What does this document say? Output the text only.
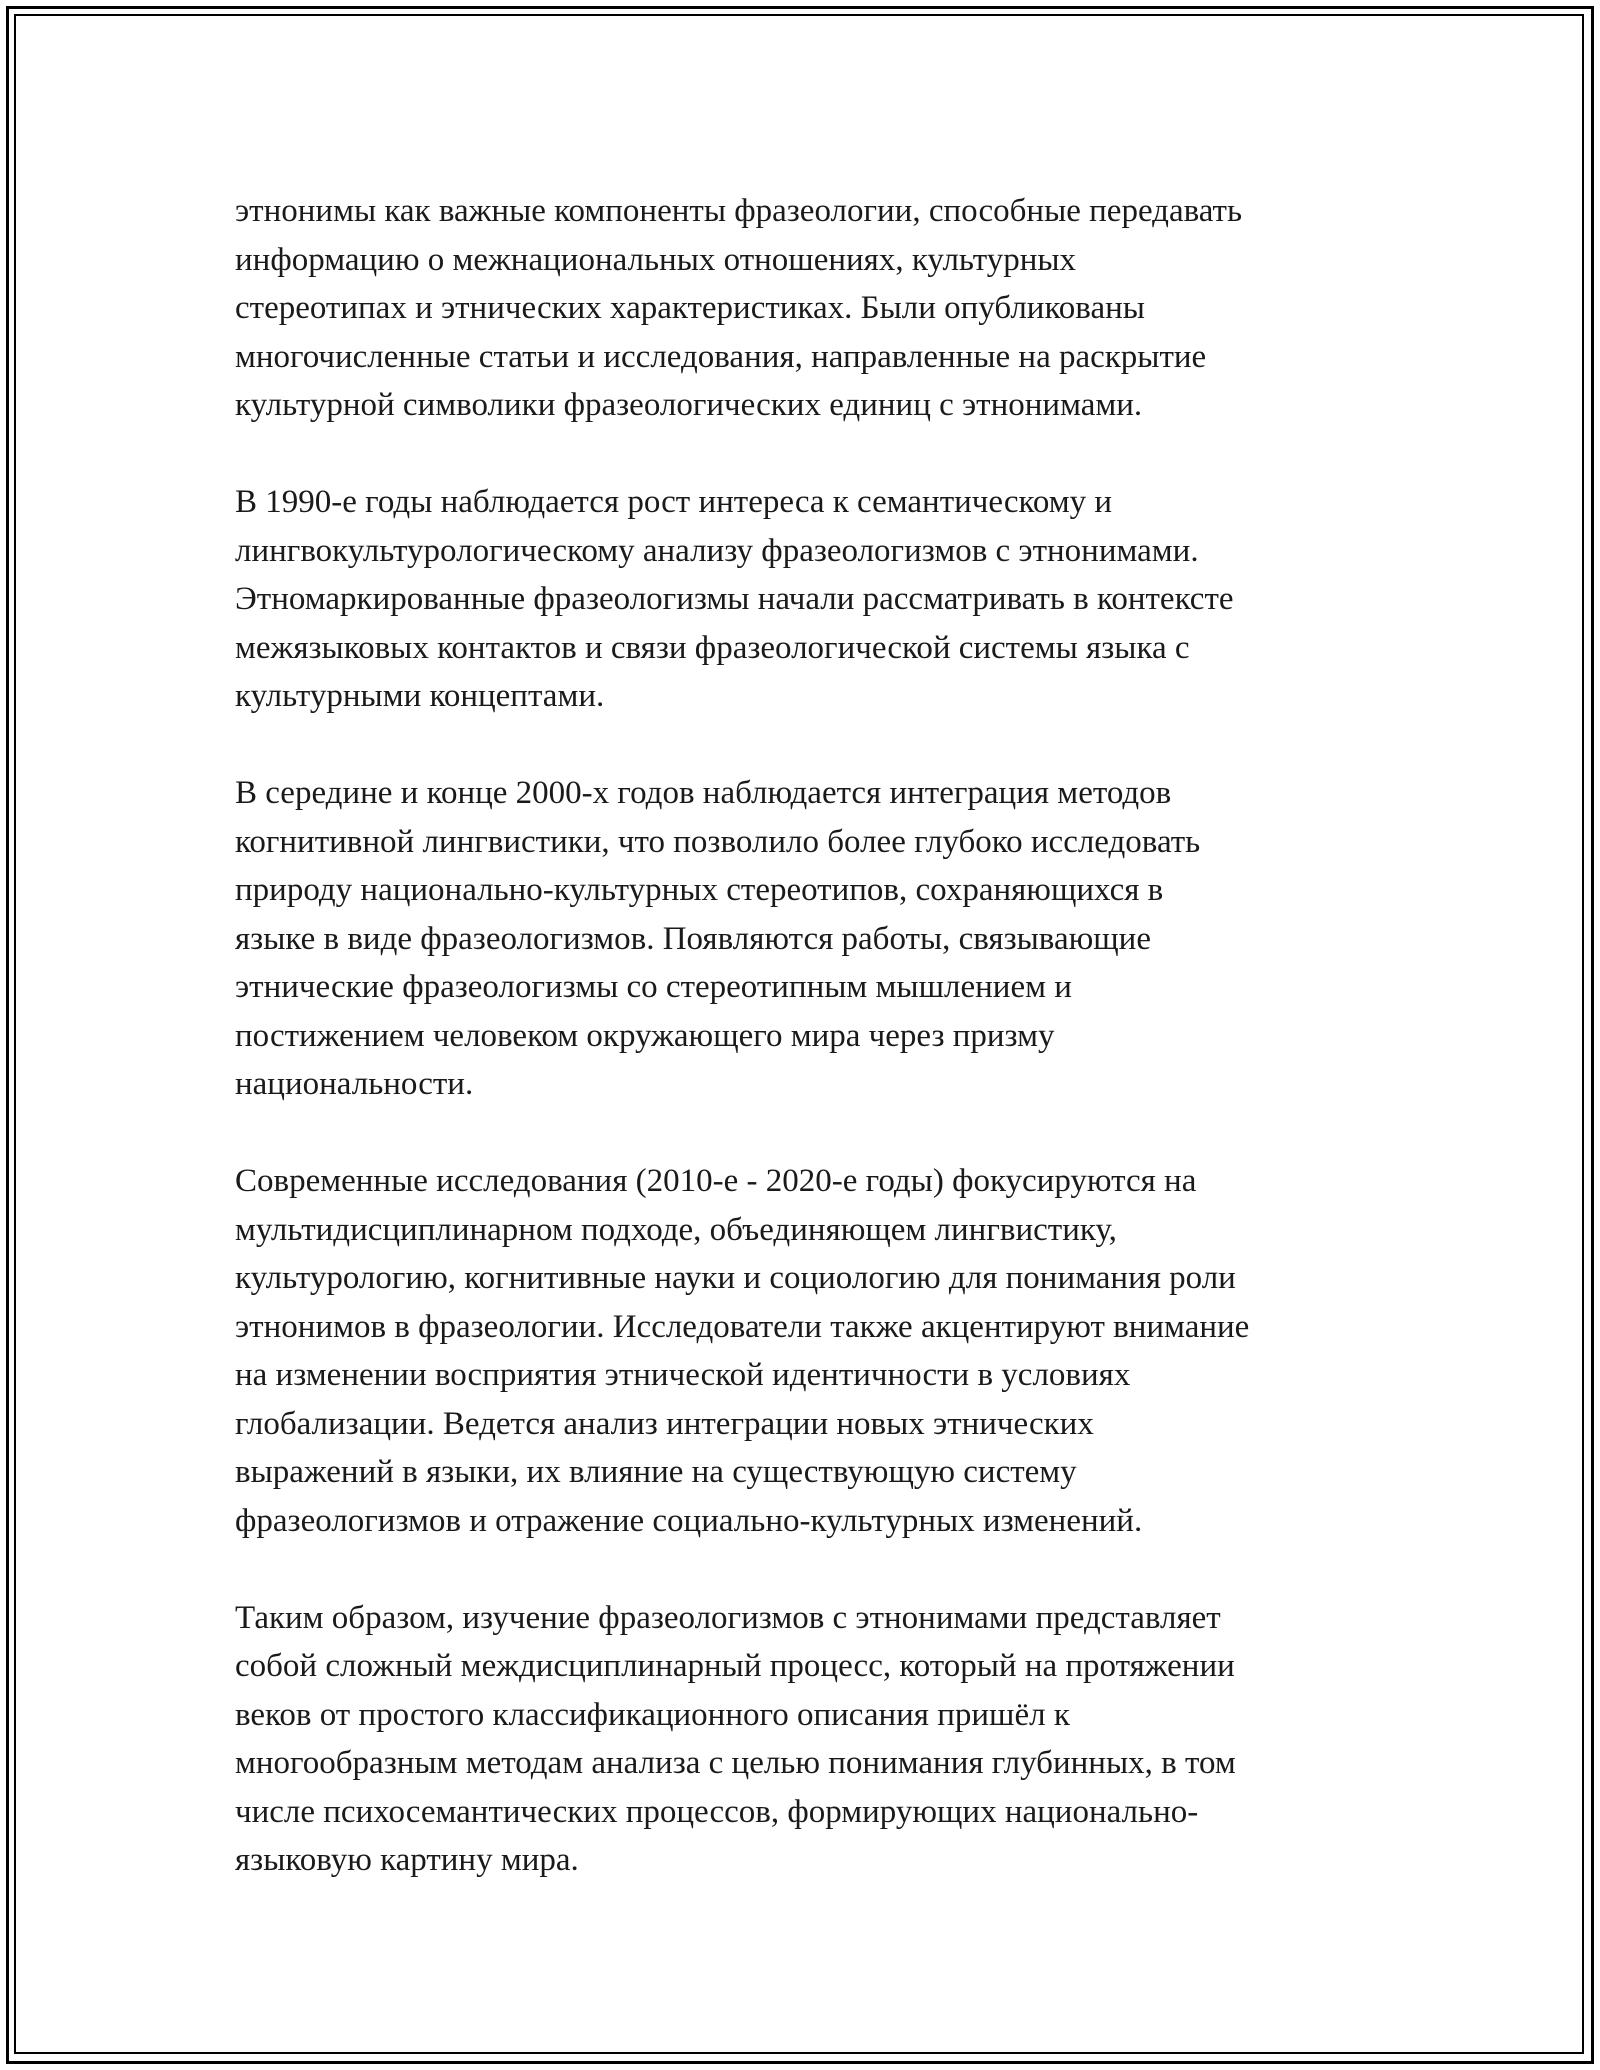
этнонимы как важные компоненты фразеологии, способные передавать
информацию о межнациональных отношениях, культурных
стереотипах и этнических характеристиках. Были опубликованы
многочисленные статьи и исследования, направленные на раскрытие
культурной символики фразеологических единиц с этнонимами.

В 1990-е годы наблюдается рост интереса к семантическому и
лингвокультурологическому анализу фразеологизмов с этнонимами.
Этномаркированные фразеологизмы начали рассматривать в контексте
межязыковых контактов и связи фразеологической системы языка с
культурными концептами.

В середине и конце 2000-х годов наблюдается интеграция методов
когнитивной лингвистики, что позволило более глубоко исследовать
природу национально-культурных стереотипов, сохраняющихся в
языке в виде фразеологизмов. Появляются работы, связывающие
этнические фразеологизмы со стереотипным мышлением и
постижением человеком окружающего мира через призму
национальности.

Современные исследования (2010-е - 2020-е годы) фокусируются на
мультидисциплинарном подходе, объединяющем лингвистику,
культурологию, когнитивные науки и социологию для понимания роли
этнонимов в фразеологии. Исследователи также акцентируют внимание
на изменении восприятия этнической идентичности в условиях
глобализации. Ведется анализ интеграции новых этнических
выражений в языки, их влияние на существующую систему
фразеологизмов и отражение социально-культурных изменений.

Таким образом, изучение фразеологизмов с этнонимами представляет
собой сложный междисциплинарный процесс, который на протяжении
веков от простого классификационного описания пришёл к
многообразным методам анализа с целью понимания глубинных, в том
числе психосемантических процессов, формирующих национально-
языковую картину мира.
